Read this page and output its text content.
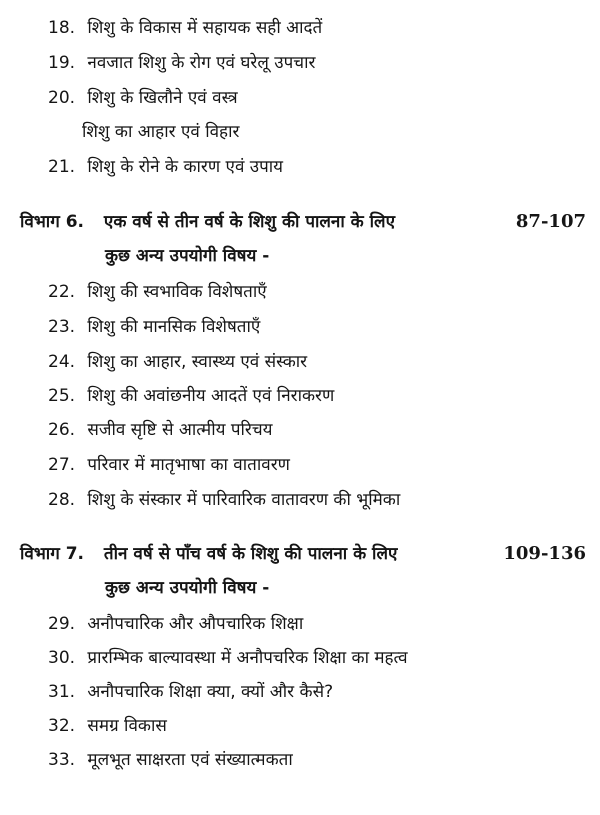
18. शिशु के विकास में सहायक सही आदतें
19. नवजात शिशु के रोग एवं घरेलू उपचार
20. शिशु के खिलौने एवं वस्त्र
शिशु का आहार एवं विहार
21. शिशु के रोने के कारण एवं उपाय
विभाग 6. एक वर्ष से तीन वर्ष के शिशु की पालना के लिए	87-107
कुछ अन्य उपयोगी विषय -
22. शिशु की स्वभाविक विशेषताएँ
23. शिशु की मानसिक विशेषताएँ
24. शिशु का आहार, स्वास्थ्य एवं संस्कार
25. शिशु की अवांछनीय आदतें एवं निराकरण
26. सजीव सृष्टि से आत्मीय परिचय
27. परिवार में मातृभाषा का वातावरण
28. शिशु के संस्कार में पारिवारिक वातावरण की भूमिका
विभाग 7. तीन वर्ष से पाँच वर्ष के शिशु की पालना के लिए	109-136
कुछ अन्य उपयोगी विषय -
29. अनौपचारिक और औपचारिक शिक्षा
30. प्रारम्भिक बाल्यावस्था में अनौपचरिक शिक्षा का महत्व
31. अनौपचारिक शिक्षा क्या, क्यों और कैसे?
32. समग्र विकास
33. मूलभूत साक्षरता एवं संख्यात्मकता
